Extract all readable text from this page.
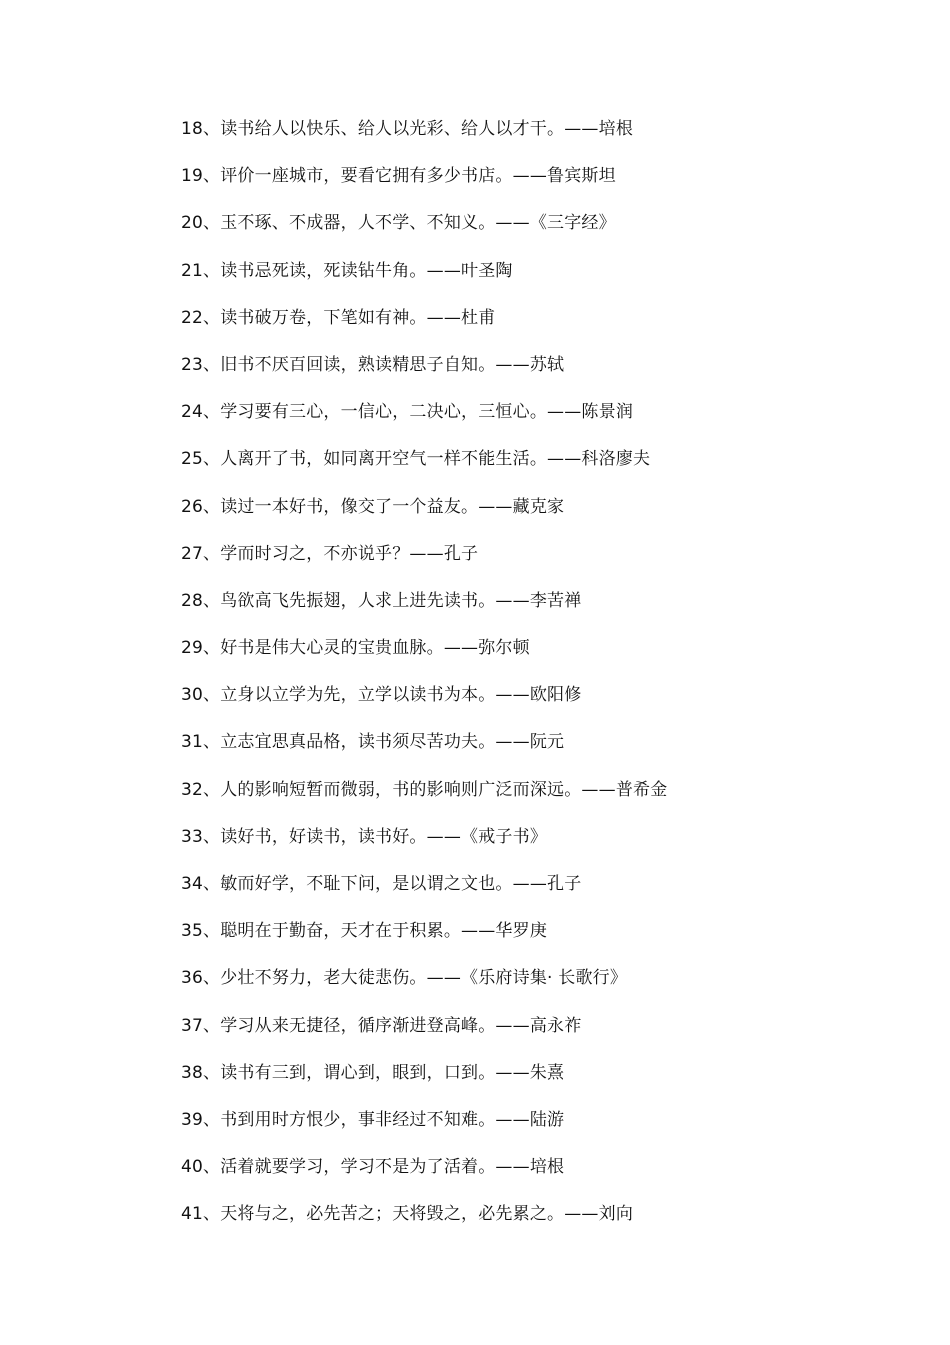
18、读书给人以快乐、给人以光彩、给人以才干。——培根
19、评价一座城市，要看它拥有多少书店。——鲁宾斯坦
20、玉不琢、不成器，人不学、不知义。——《三字经》
21、读书忌死读，死读钻牛角。——叶圣陶
22、读书破万卷，下笔如有神。——杜甫
23、旧书不厌百回读，熟读精思子自知。——苏轼
24、学习要有三心，一信心，二决心，三恒心。——陈景润
25、人离开了书，如同离开空气一样不能生活。——科洛廖夫
26、读过一本好书，像交了一个益友。——藏克家
27、学而时习之，不亦说乎？——孔子
28、鸟欲高飞先振翅，人求上进先读书。——李苦禅
29、好书是伟大心灵的宝贵血脉。——弥尔顿
30、立身以立学为先，立学以读书为本。——欧阳修
31、立志宜思真品格，读书须尽苦功夫。——阮元
32、人的影响短暂而微弱，书的影响则广泛而深远。——普希金
33、读好书，好读书，读书好。——《戒子书》
34、敏而好学，不耻下问，是以谓之文也。——孔子
35、聪明在于勤奋，天才在于积累。——华罗庚
36、少壮不努力，老大徒悲伤。——《乐府诗集· 长歌行》
37、学习从来无捷径，循序渐进登高峰。——高永祚
38、读书有三到，谓心到，眼到，口到。——朱熹
39、书到用时方恨少，事非经过不知难。——陆游
40、活着就要学习，学习不是为了活着。——培根
41、天将与之，必先苦之；天将毁之，必先累之。——刘向
